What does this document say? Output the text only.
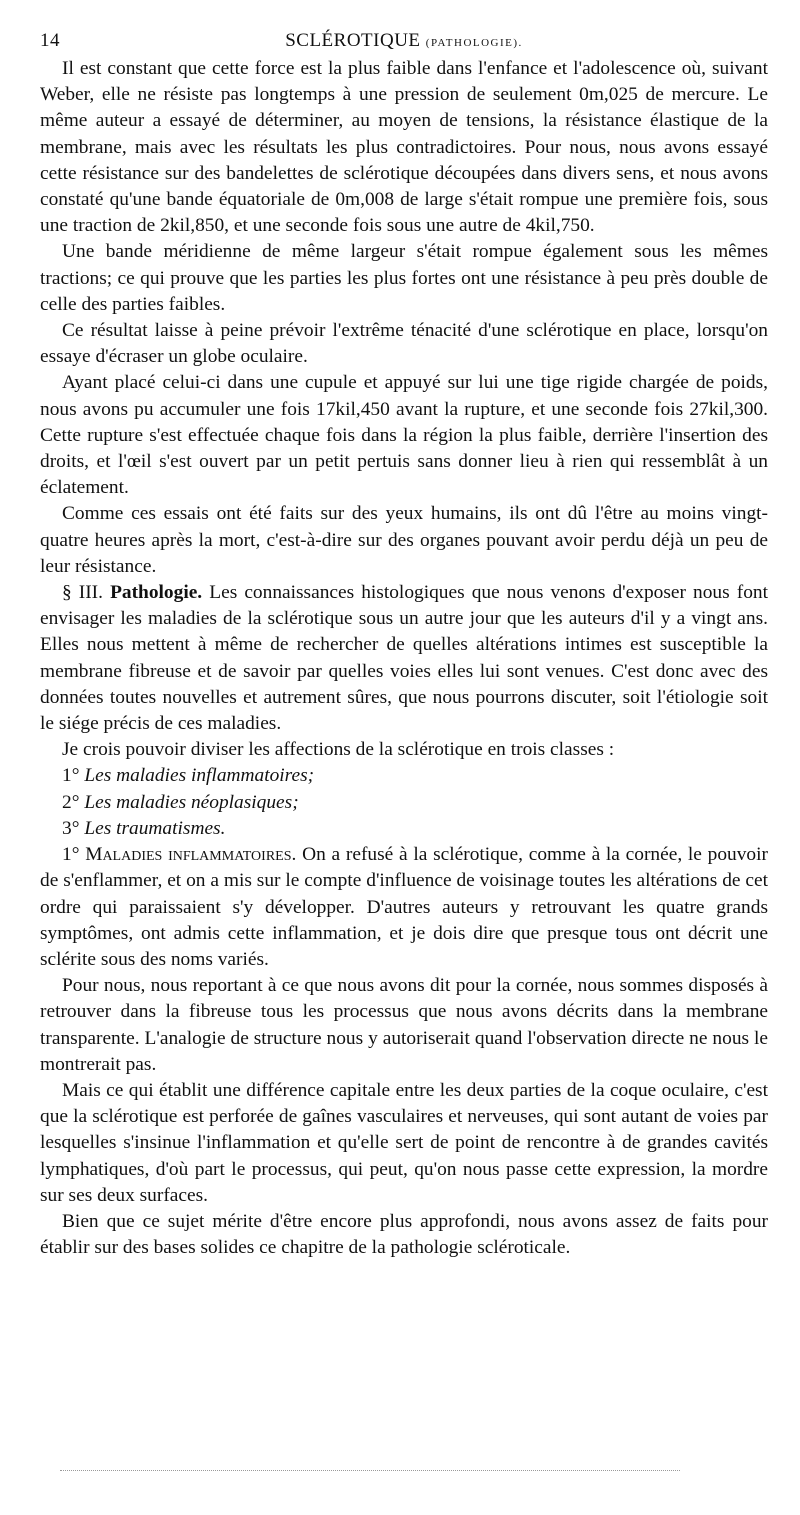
14	SCLÉROTIQUE (PATHOLOGIE).

Il est constant que cette force est la plus faible dans l'enfance et l'adolescence où, suivant Weber, elle ne résiste pas longtemps à une pression de seulement 0m,025 de mercure. Le même auteur a essayé de déterminer, au moyen de tensions, la résistance élastique de la membrane, mais avec les résultats les plus contradictoires. Pour nous, nous avons essayé cette résistance sur des bandelettes de sclérotique découpées dans divers sens, et nous avons constaté qu'une bande équatoriale de 0m,008 de large s'était rompue une première fois, sous une traction de 2kil,850, et une seconde fois sous une autre de 4kil,750.

Une bande méridienne de même largeur s'était rompue également sous les mêmes tractions; ce qui prouve que les parties les plus fortes ont une résistance à peu près double de celle des parties faibles.

Ce résultat laisse à peine prévoir l'extrême ténacité d'une sclérotique en place, lorsqu'on essaye d'écraser un globe oculaire.

Ayant placé celui-ci dans une cupule et appuyé sur lui une tige rigide chargée de poids, nous avons pu accumuler une fois 17kil,450 avant la rupture, et une seconde fois 27kil,300. Cette rupture s'est effectuée chaque fois dans la région la plus faible, derrière l'insertion des droits, et l'œil s'est ouvert par un petit pertuis sans donner lieu à rien qui ressemblât à un éclatement.

Comme ces essais ont été faits sur des yeux humains, ils ont dû l'être au moins vingt-quatre heures après la mort, c'est-à-dire sur des organes pouvant avoir perdu déjà un peu de leur résistance.

§ III. Pathologie. Les connaissances histologiques que nous venons d'exposer nous font envisager les maladies de la sclérotique sous un autre jour que les auteurs d'il y a vingt ans. Elles nous mettent à même de rechercher de quelles altérations intimes est susceptible la membrane fibreuse et de savoir par quelles voies elles lui sont venues. C'est donc avec des données toutes nouvelles et autrement sûres, que nous pourrons discuter, soit l'étiologie soit le siége précis de ces maladies.

Je crois pouvoir diviser les affections de la sclérotique en trois classes :

1° Les maladies inflammatoires;

2° Les maladies néoplasiques;

3° Les traumatismes.

1° Maladies inflammatoires. On a refusé à la sclérotique, comme à la cornée, le pouvoir de s'enflammer, et on a mis sur le compte d'influence de voisinage toutes les altérations de cet ordre qui paraissaient s'y développer. D'autres auteurs y retrouvant les quatre grands symptômes, ont admis cette inflammation, et je dois dire que presque tous ont décrit une sclérite sous des noms variés.

Pour nous, nous reportant à ce que nous avons dit pour la cornée, nous sommes disposés à retrouver dans la fibreuse tous les processus que nous avons décrits dans la membrane transparente. L'analogie de structure nous y autoriserait quand l'observation directe ne nous le montrerait pas.

Mais ce qui établit une différence capitale entre les deux parties de la coque oculaire, c'est que la sclérotique est perforée de gaînes vasculaires et nerveuses, qui sont autant de voies par lesquelles s'insinue l'inflammation et qu'elle sert de point de rencontre à de grandes cavités lymphatiques, d'où part le processus, qui peut, qu'on nous passe cette expression, la mordre sur ses deux surfaces.

Bien que ce sujet mérite d'être encore plus approfondi, nous avons assez de faits pour établir sur des bases solides ce chapitre de la pathologie scléroticale.
